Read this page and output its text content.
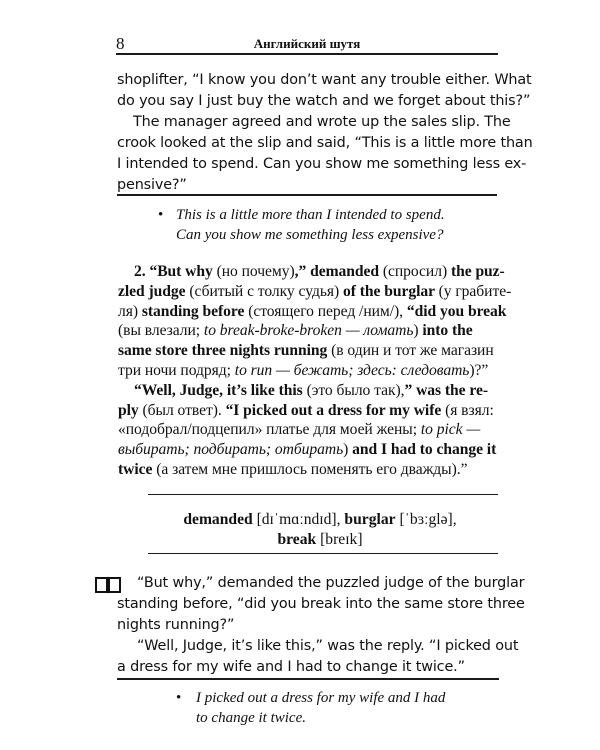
8	Английский шутя
shoplifter, “I know you don’t want any trouble either. What
do you say I just buy the watch and we forget about this?”
The manager agreed and wrote up the sales slip. The
crook looked at the slip and said, “This is a little more than
I intended to spend. Can you show me something less ex-
pensive?”
• This is a little more than I intended to spend.
Can you show me something less expensive?
2. “But why (но почему),” demanded (спросил) the puz-
zled judge (сбитый с толку судья) of the burglar (у грабите-
ля) standing before (стоящего перед /ним/), “did you break
(вы влезали; to break-broke-broken — ломать) into the
same store three nights running (в один и тот же магазин
три ночи подряд; to run — бежать; здесь: следовать)?”
“Well, Judge, it’s like this (это было так),” was the re-
ply (был ответ). “I picked out a dress for my wife (я взял:
«подобрал/подцепил» платье для моей жены; to pick —
выбирать; подбирать; отбирать) and I had to change it
twice (а затем мне пришлось поменять его дважды).”
demanded [dɪˈmɑːndɪd], burglar [ˈbɜːglə],
break [breɪk]
“But why,” demanded the puzzled judge of the burglar
standing before, “did you break into the same store three
nights running?”
“Well, Judge, it’s like this,” was the reply. “I picked out
a dress for my wife and I had to change it twice.”
• I picked out a dress for my wife and I had
to change it twice.
